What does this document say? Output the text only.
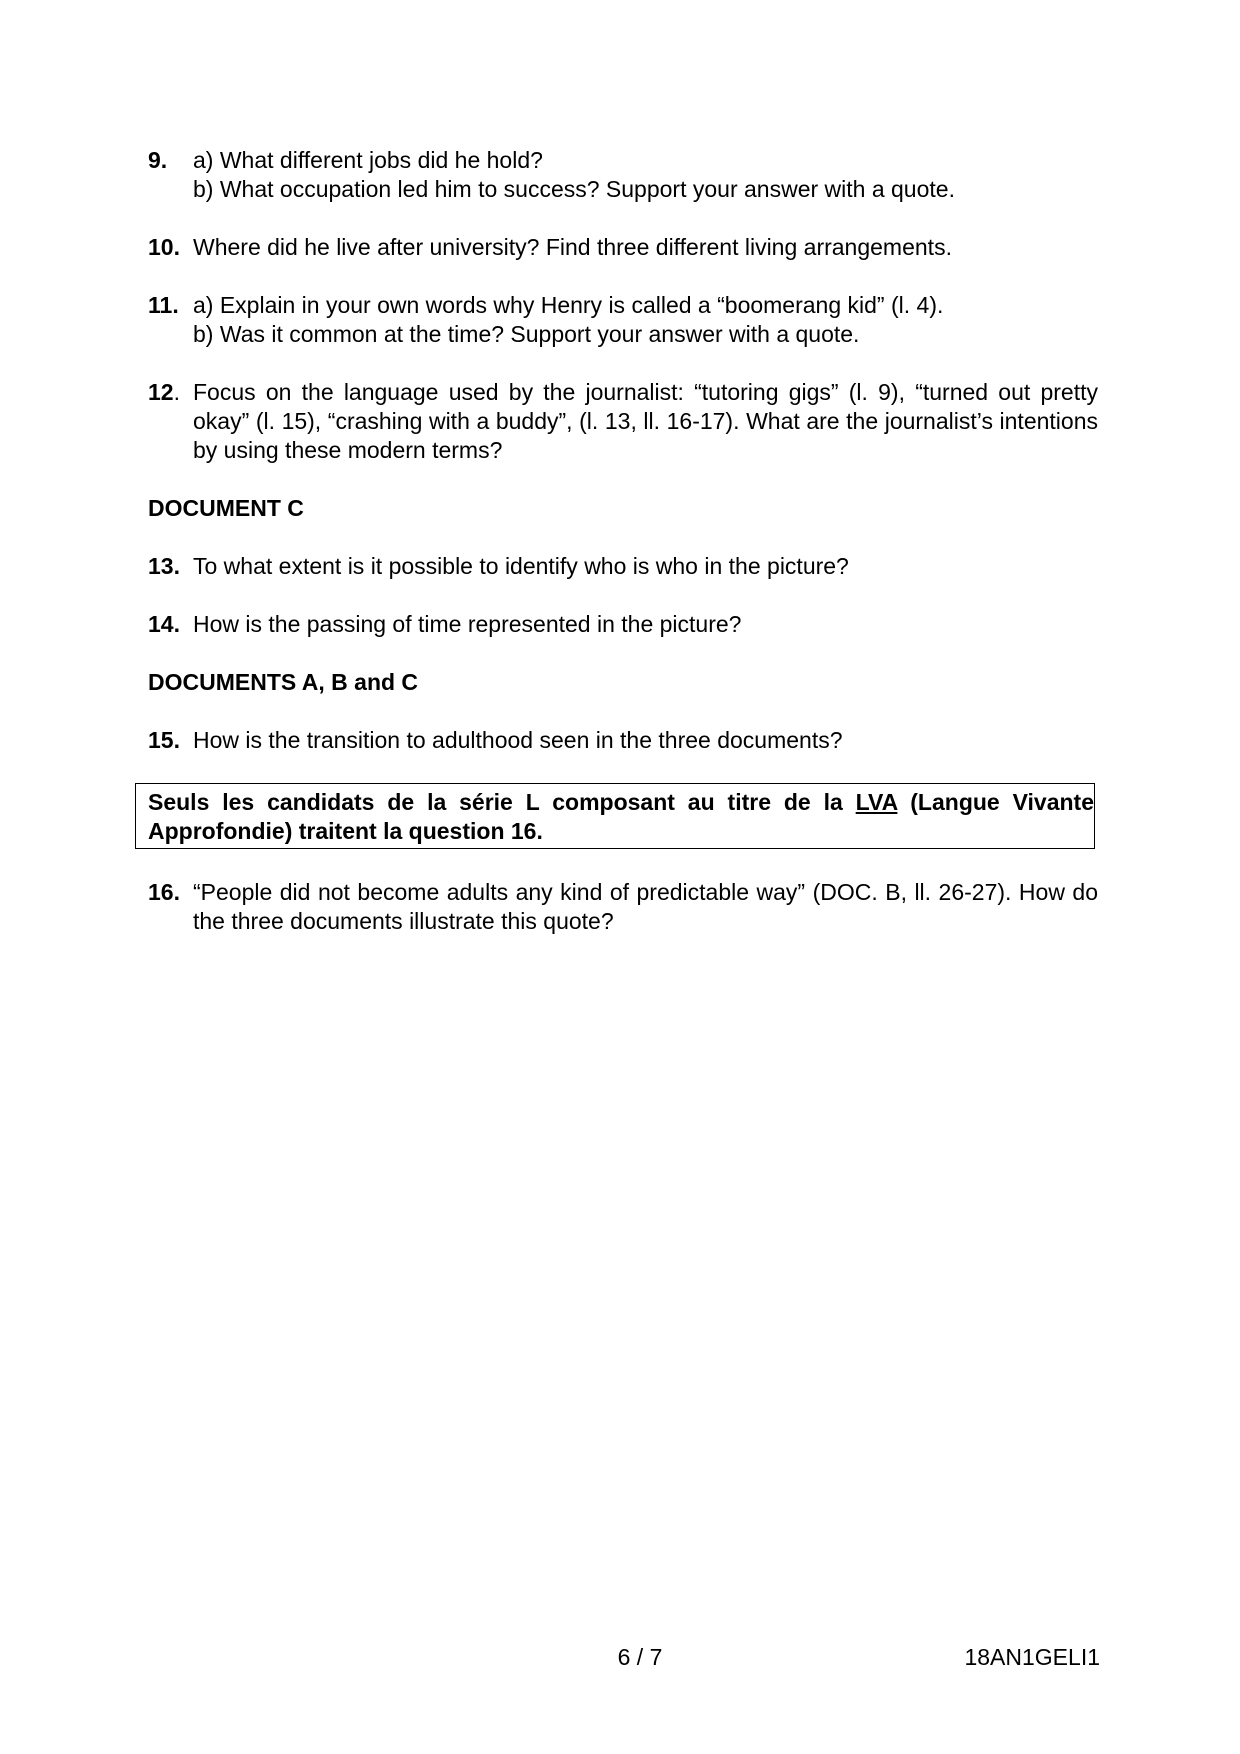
9. a) What different jobs did he hold?
b) What occupation led him to success? Support your answer with a quote.
10. Where did he live after university? Find three different living arrangements.
11. a) Explain in your own words why Henry is called a “boomerang kid” (l. 4).
b) Was it common at the time? Support your answer with a quote.
12. Focus on the language used by the journalist: “tutoring gigs” (l. 9), “turned out pretty okay” (l. 15), “crashing with a buddy”, (l. 13, ll. 16-17). What are the journalist’s intentions by using these modern terms?
DOCUMENT C
13. To what extent is it possible to identify who is who in the picture?
14. How is the passing of time represented in the picture?
DOCUMENTS A, B and C
15. How is the transition to adulthood seen in the three documents?
Seuls les candidats de la série L composant au titre de la LVA (Langue Vivante Approfondie) traitent la question 16.
16. “People did not become adults any kind of predictable way” (DOC. B, ll. 26-27). How do the three documents illustrate this quote?
6 / 7	18AN1GELI1
